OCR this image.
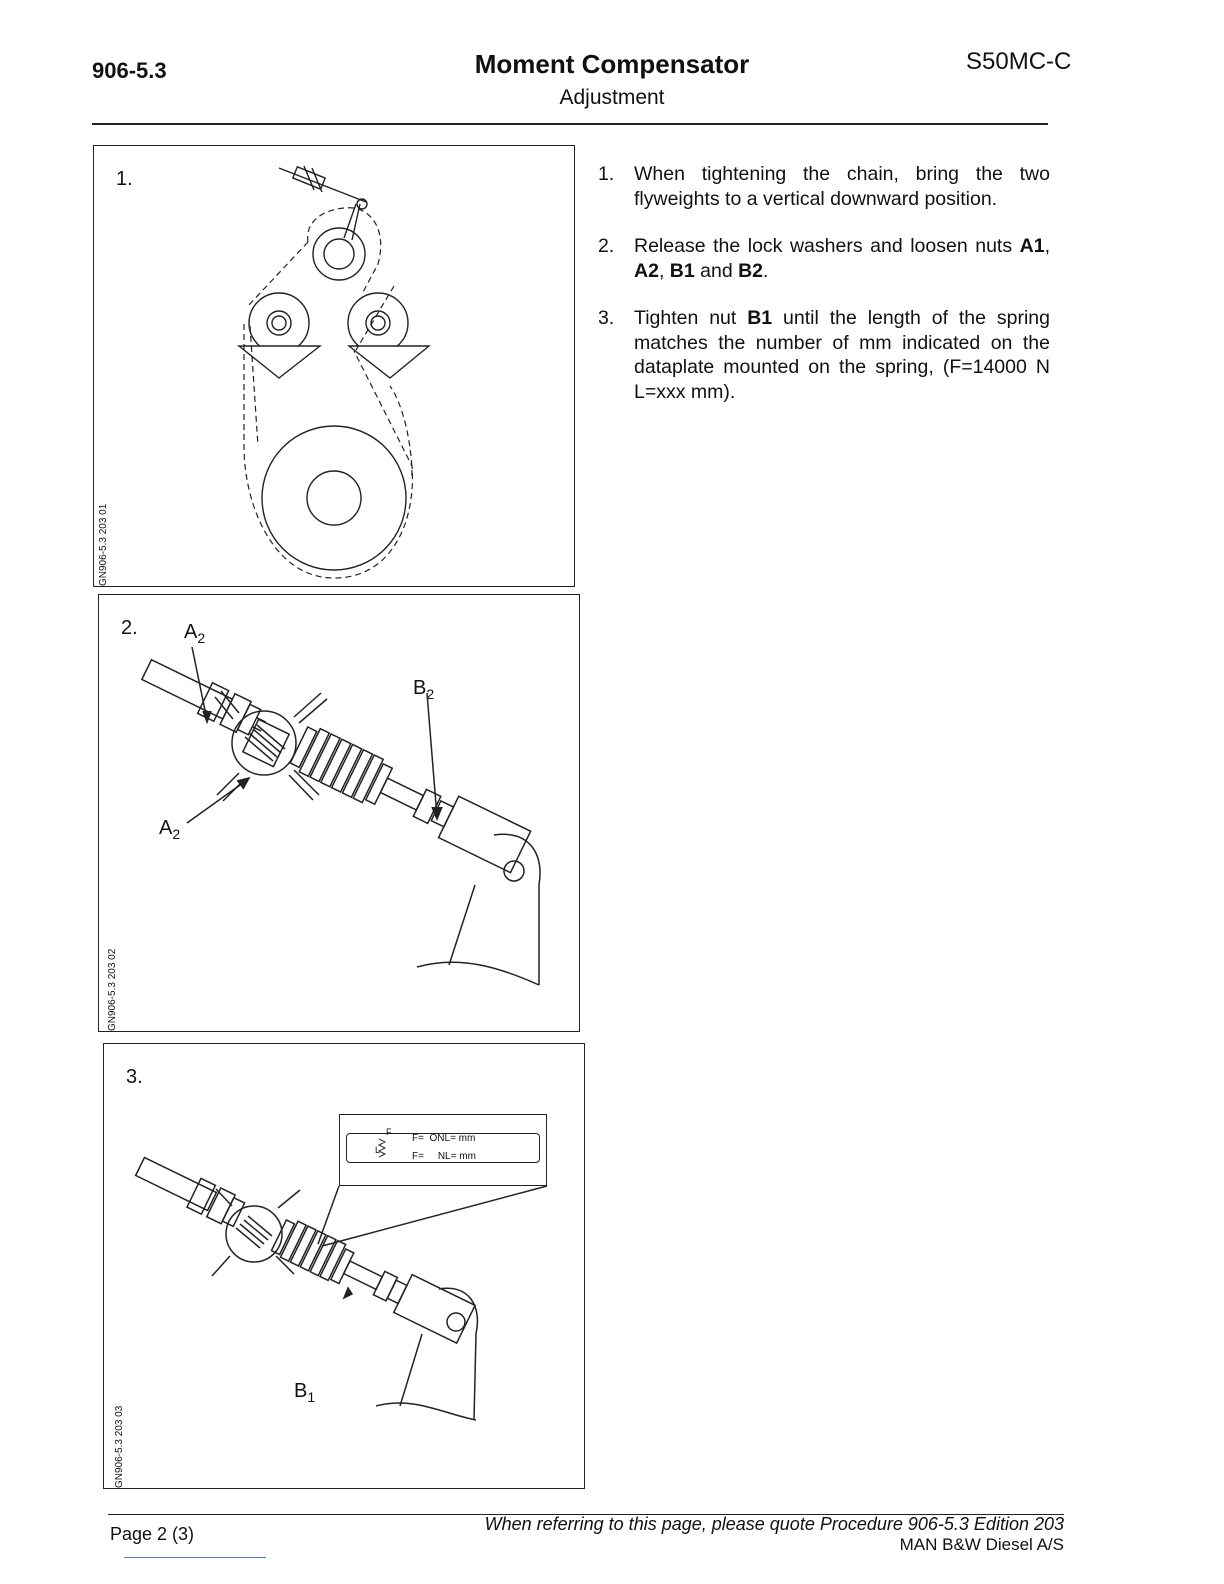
906-5.3	Moment Compensator
Adjustment
S50MC-C
1.
GN906-5.3 203 01
2.
GN906-5.3 203 02
$A_2$
$B_2$
$A_2$
3.
GN906-5.3 203 03
$B_1$
F
L
F=  ONL= mm
F=     NL= mm
1.	When tightening the chain, bring the two flyweights to a vertical downward position.
2.	Release the lock washers and loosen nuts A1, A2, B1 and B2.
3.	Tighten nut B1 until the length of the spring matches the number of mm indicated on the dataplate mounted on the spring, (F=14000 N L=xxx mm).
Page 2 (3)	When referring to this page, please quote Procedure 906-5.3 Edition 203
MAN B&W Diesel A/S
